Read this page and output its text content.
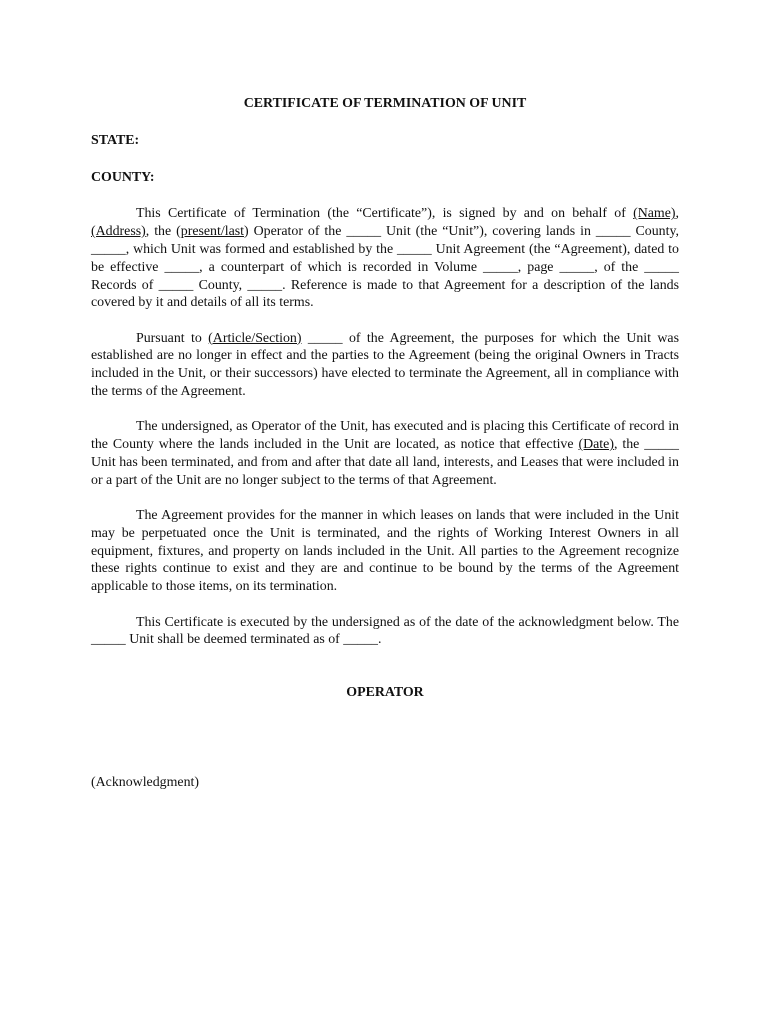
CERTIFICATE OF TERMINATION OF UNIT
STATE:
COUNTY:

This Certificate of Termination (the “Certificate”), is signed by and on behalf of (Name), (Address), the (present/last) Operator of the _____ Unit (the “Unit”), covering lands in _____ County, _____, which Unit was formed and established by the _____ Unit Agreement (the “Agreement), dated to be effective _____, a counterpart of which is recorded in Volume _____, page _____, of the _____ Records of _____ County, _____. Reference is made to that Agreement for a description of the lands covered by it and details of all its terms.

Pursuant to (Article/Section) _____ of the Agreement, the purposes for which the Unit was established are no longer in effect and the parties to the Agreement (being the original Owners in Tracts included in the Unit, or their successors) have elected to terminate the Agreement, all in compliance with the terms of the Agreement.

The undersigned, as Operator of the Unit, has executed and is placing this Certificate of record in the County where the lands included in the Unit are located, as notice that effective (Date), the _____ Unit has been terminated, and from and after that date all land, interests, and Leases that were included in or a part of the Unit are no longer subject to the terms of that Agreement.

The Agreement provides for the manner in which leases on lands that were included in the Unit may be perpetuated once the Unit is terminated, and the rights of Working Interest Owners in all equipment, fixtures, and property on lands included in the Unit. All parties to the Agreement recognize these rights continue to exist and they are and continue to be bound by the terms of the Agreement applicable to those items, on its termination.

This Certificate is executed by the undersigned as of the date of the acknowledgment below. The _____ Unit shall be deemed terminated as of _____.

OPERATOR
(Acknowledgment)
